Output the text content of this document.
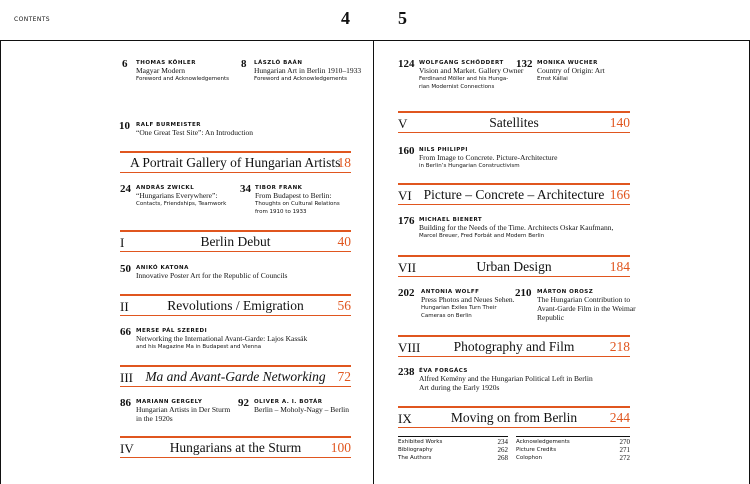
CONTENTS	4	5
6 THOMAS KÖHLER
Magyar Modern
Foreword and Acknowledgements
8 LÁSZLÓ BAÁN
Hungarian Art in Berlin 1910–1933
Foreword and Acknowledgements
10 RALF BURMEISTER
“One Great Test Site”: An Introduction
A Portrait Gallery of Hungarian Artists
18
24 ANDRÁS ZWICKL
“Hungarians Everywhere”:
Contacts, Friendships, Teamwork
34 TIBOR FRANK
From Budapest to Berlin:
Thoughts on Cultural Relations
from 1910 to 1933
I	Berlin Debut	40
50 ANIKÓ KATONA
Innovative Poster Art for the Republic of Councils
II	Revolutions / Emigration	56
66 MERSE PÁL SZEREDI
Networking the International Avant-Garde: Lajos Kassák
and his Magazine Ma in Budapest and Vienna
III Ma and Avant-Garde Networking 72
86 MARIANN GERGELY
Hungarian Artists in Der Sturm
in the 1920s
92 OLIVER A. I. BOTÁR
Berlin – Moholy-Nagy – Berlin
IV	Hungarians at the Sturm	100
124 WOLFGANG SCHÖDDERT
Vision and Market. Gallery Owner
Ferdinand Möller and his Hunga-
rian Modernist Connections
132 MONIKA WUCHER
Country of Origin: Art
Ernst Kállai
V	Satellites	140
160 NILS PHILIPPI
From Image to Concrete. Picture-Architecture
in Berlin’s Hungarian Constructivism
VI Picture – Concrete – Architecture 166
176 MICHAEL BIENERT
Building for the Needs of the Time. Architects Oskar Kaufmann,
Marcel Breuer, Fred Forbát and Modern Berlin
VII	Urban Design	184
202 ANTONIA WOLFF
Press Photos and Neues Sehen.
Hungarian Exiles Turn Their
Cameras on Berlin
210 MÁRTON OROSZ
The Hungarian Contribution to
Avant-Garde Film in the Weimar
Republic
VIII	Photography and Film	218
238 ÉVA FORGÁCS
Alfred Kemény and the Hungarian Political Left in Berlin
Art during the Early 1920s
IX	Moving on from Berlin	244
Exhibited Works	234
Bibliography	262
The Authors	268
Acknowledgements	270
Picture Credits	271
Colophon	272
